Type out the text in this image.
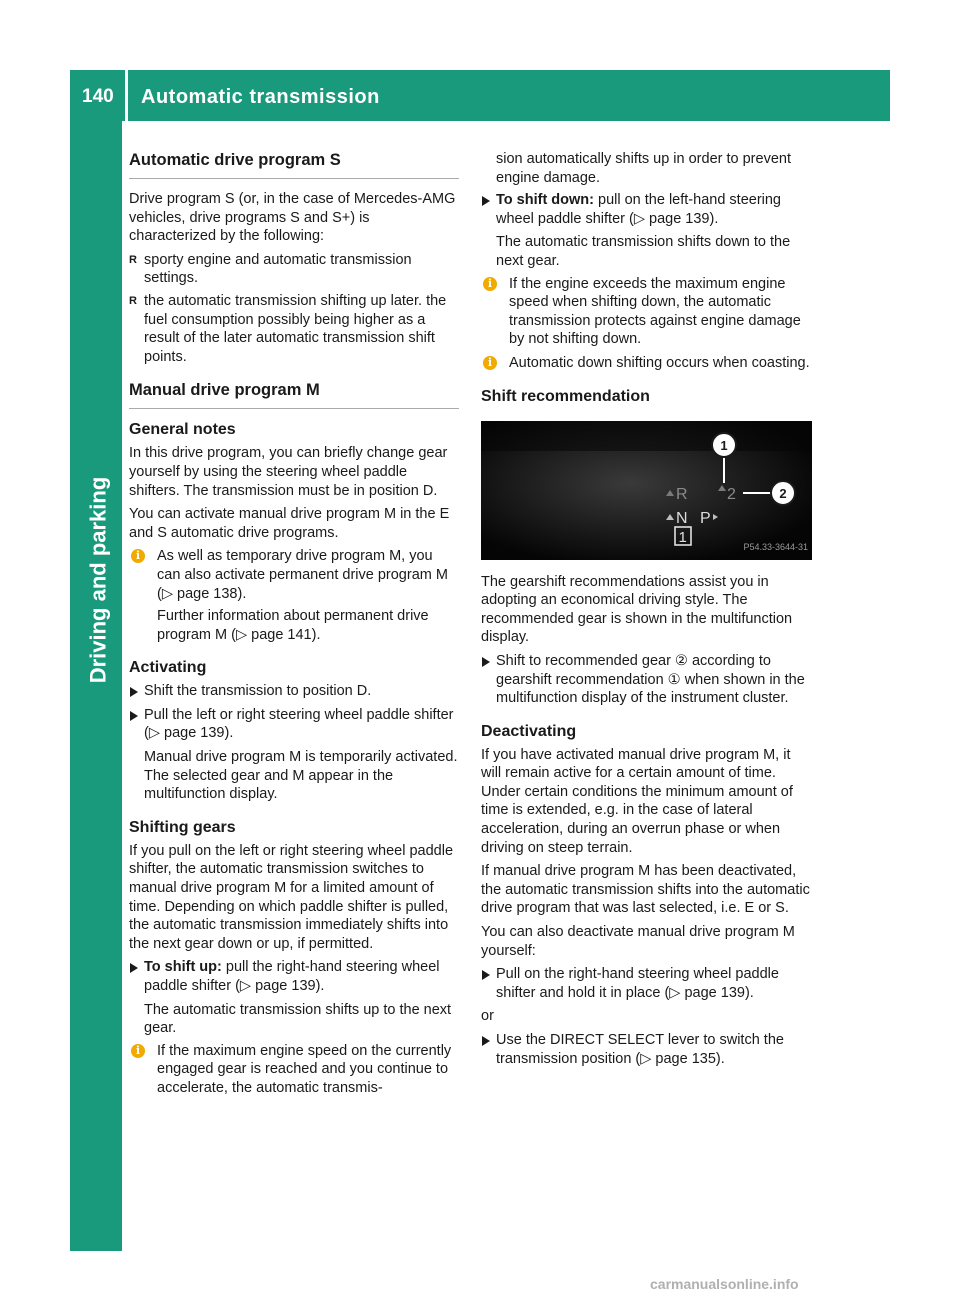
140 Automatic transmission
Driving and parking
Automatic drive program S
Drive program S (or, in the case of Mercedes-AMG vehicles, drive programs S and S+) is characterized by the following:
R sporty engine and automatic transmission settings.
R the automatic transmission shifting up later. the fuel consumption possibly being higher as a result of the later automatic transmission shift points.
Manual drive program M
General notes
In this drive program, you can briefly change gear yourself by using the steering wheel paddle shifters. The transmission must be in position D.
You can activate manual drive program M in the E and S automatic drive programs.
i	As well as temporary drive program M, you can also activate permanent drive program M (▷ page 138).
Further information about permanent drive program M (▷ page 141).
Activating
Shift the transmission to position D.
Pull the left or right steering wheel paddle shifter (▷ page 139).
Manual drive program M is temporarily activated. The selected gear and M appear in the multifunction display.
Shifting gears
If you pull on the left or right steering wheel paddle shifter, the automatic transmission switches to manual drive program M for a limited amount of time. Depending on which paddle shifter is pulled, the automatic transmission immediately shifts into the next gear down or up, if permitted.
To shift up: pull the right-hand steering wheel paddle shifter (▷ page 139).
The automatic transmission shifts up to the next gear.
i	If the maximum engine speed on the currently engaged gear is reached and you continue to accelerate, the automatic transmis-
sion automatically shifts up in order to prevent engine damage.
To shift down: pull on the left-hand steering wheel paddle shifter (▷ page 139).
The automatic transmission shifts down to the next gear.
i	If the engine exceeds the maximum engine speed when shifting down, the automatic transmission protects against engine damage by not shifting down.
i	Automatic down shifting occurs when coasting.
Shift recommendation
R
N P
1
2
1
2
P54.33-3644-31
The gearshift recommendations assist you in adopting an economical driving style. The recommended gear is shown in the multifunction display.
Shift to recommended gear ② according to gearshift recommendation ① when shown in the multifunction display of the instrument cluster.
Deactivating
If you have activated manual drive program M, it will remain active for a certain amount of time. Under certain conditions the minimum amount of time is extended, e.g. in the case of lateral acceleration, during an overrun phase or when driving on steep terrain.
If manual drive program M has been deactivated, the automatic transmission shifts into the automatic drive program that was last selected, i.e. E or S.
You can also deactivate manual drive program M yourself:
Pull on the right-hand steering wheel paddle shifter and hold it in place (▷ page 139).
or
Use the DIRECT SELECT lever to switch the transmission position (▷ page 135).
carmanualsonline.info
